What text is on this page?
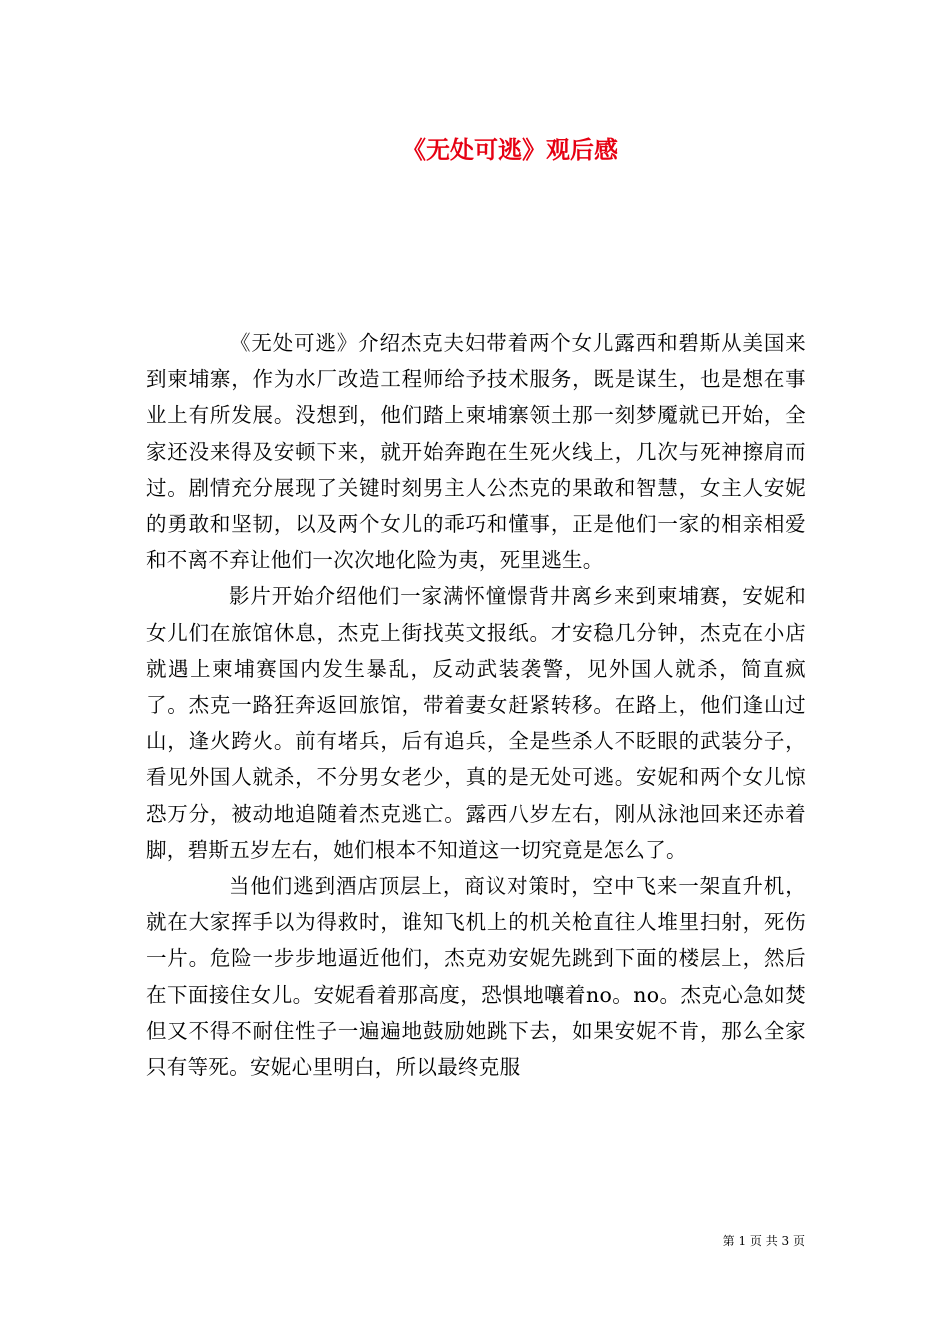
《无处可逃》观后感

《无处可逃》介绍杰克夫妇带着两个女儿露西和碧斯从美国来到柬埔寨，作为水厂改造工程师给予技术服务，既是谋生，也是想在事业上有所发展。没想到，他们踏上柬埔寨领土那一刻梦魇就已开始，全家还没来得及安顿下来，就开始奔跑在生死火线上，几次与死神擦肩而过。剧情充分展现了关键时刻男主人公杰克的果敢和智慧，女主人安妮的勇敢和坚韧，以及两个女儿的乖巧和懂事，正是他们一家的相亲相爱和不离不弃让他们一次次地化险为夷，死里逃生。

影片开始介绍他们一家满怀憧憬背井离乡来到柬埔赛，安妮和女儿们在旅馆休息，杰克上街找英文报纸。才安稳几分钟，杰克在小店就遇上柬埔赛国内发生暴乱，反动武装袭警，见外国人就杀，简直疯了。杰克一路狂奔返回旅馆，带着妻女赶紧转移。在路上，他们逢山过山，逢火跨火。前有堵兵，后有追兵，全是些杀人不眨眼的武装分子，看见外国人就杀，不分男女老少，真的是无处可逃。安妮和两个女儿惊恐万分，被动地追随着杰克逃亡。露西八岁左右，刚从泳池回来还赤着脚，碧斯五岁左右，她们根本不知道这一切究竟是怎么了。

当他们逃到酒店顶层上，商议对策时，空中飞来一架直升机，就在大家挥手以为得救时，谁知飞机上的机关枪直往人堆里扫射，死伤一片。危险一步步地逼近他们，杰克劝安妮先跳到下面的楼层上，然后在下面接住女儿。安妮看着那高度，恐惧地嚷着no。no。杰克心急如焚但又不得不耐住性子一遍遍地鼓励她跳下去，如果安妮不肯，那么全家只有等死。安妮心里明白，所以最终克服

第 1 页 共 3 页
